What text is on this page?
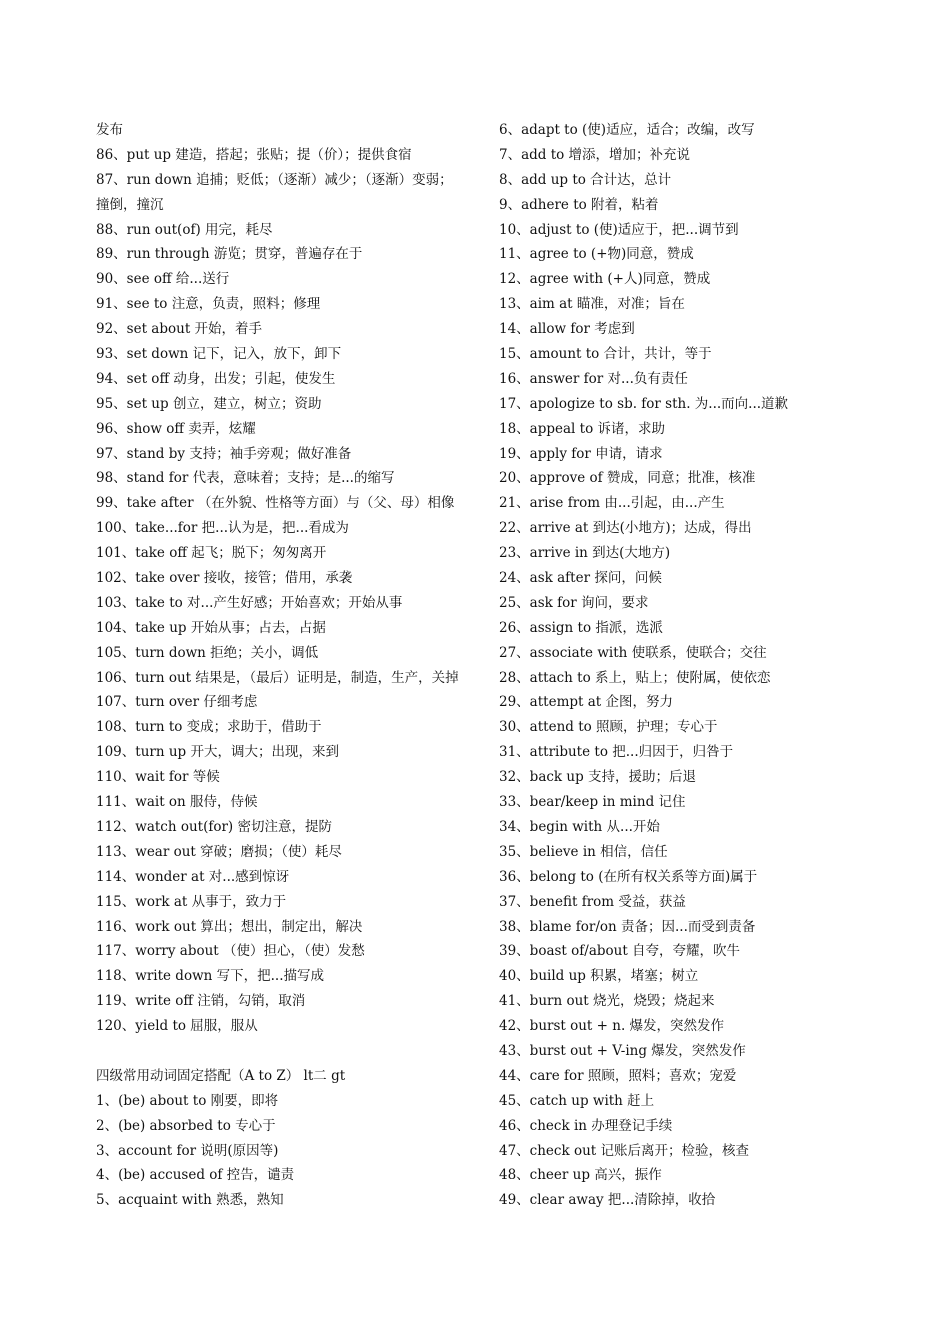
发布
86、put up 建造，搭起；张贴；提（价）；提供食宿
87、run down 追捕；贬低；（逐渐）减少；（逐渐）变弱；
撞倒，撞沉
88、run out(of) 用完，耗尽
89、run through 游览；贯穿，普遍存在于
90、see off 给...送行
91、see to 注意，负责，照料；修理
92、set about 开始，着手
93、set down 记下，记入，放下，卸下
94、set off 动身，出发；引起，使发生
95、set up 创立，建立，树立；资助
96、show off 卖弄，炫耀
97、stand by 支持；袖手旁观；做好准备
98、stand for 代表，意味着；支持；是...的缩写
99、take after （在外貌、性格等方面）与（父、母）相像
100、take...for 把...认为是，把...看成为
101、take off 起飞；脱下；匆匆离开
102、take over 接收，接管；借用，承袭
103、take to 对...产生好感；开始喜欢；开始从事
104、take up 开始从事；占去，占据
105、turn down 拒绝；关小，调低
106、turn out 结果是，（最后）证明是，制造，生产，关掉
107、turn over 仔细考虑
108、turn to 变成；求助于，借助于
109、turn up 开大，调大；出现，来到
110、wait for 等候
111、wait on 服侍，侍候
112、watch out(for) 密切注意，提防
113、wear out 穿破；磨损；（使）耗尽
114、wonder at 对...感到惊讶
115、work at 从事于，致力于
116、work out 算出；想出，制定出，解决
117、worry about （使）担心，（使）发愁
118、write down 写下，把...描写成
119、write off 注销，勾销，取消
120、yield to 屈服，服从
四级常用动词固定搭配（A to Z） lt二 gt
1、(be) about to 刚要，即将
2、(be) absorbed to 专心于
3、account for 说明(原因等)
4、(be) accused of 控告，谴责
5、acquaint with 熟悉，熟知
6、adapt to (使)适应，适合；改编，改写
7、add to 增添，增加；补充说
8、add up to 合计达，总计
9、adhere to 附着，粘着
10、adjust to (使)适应于，把...调节到
11、agree to (+物)同意，赞成
12、agree with (+人)同意，赞成
13、aim at 瞄准，对准；旨在
14、allow for 考虑到
15、amount to 合计，共计，等于
16、answer for 对...负有责任
17、apologize to sb. for sth. 为...而向...道歉
18、appeal to 诉诸，求助
19、apply for 申请，请求
20、approve of 赞成，同意；批准，核准
21、arise from 由...引起，由...产生
22、arrive at 到达(小地方)；达成，得出
23、arrive in 到达(大地方)
24、ask after 探问，问候
25、ask for 询问，要求
26、assign to 指派，选派
27、associate with 使联系，使联合；交往
28、attach to 系上，贴上；使附属，使依恋
29、attempt at 企图，努力
30、attend to 照顾，护理；专心于
31、attribute to 把...归因于，归咎于
32、back up 支持，援助；后退
33、bear/keep in mind 记住
34、begin with 从...开始
35、believe in 相信，信任
36、belong to (在所有权关系等方面)属于
37、benefit from 受益，获益
38、blame for/on 责备；因...而受到责备
39、boast of/about 自夸，夸耀，吹牛
40、build up 积累，堵塞；树立
41、burn out 烧光，烧毁；烧起来
42、burst out + n. 爆发，突然发作
43、burst out + V-ing 爆发，突然发作
44、care for 照顾，照料；喜欢；宠爱
45、catch up with 赶上
46、check in 办理登记手续
47、check out 记账后离开；检验，核查
48、cheer up 高兴，振作
49、clear away 把...清除掉，收拾
